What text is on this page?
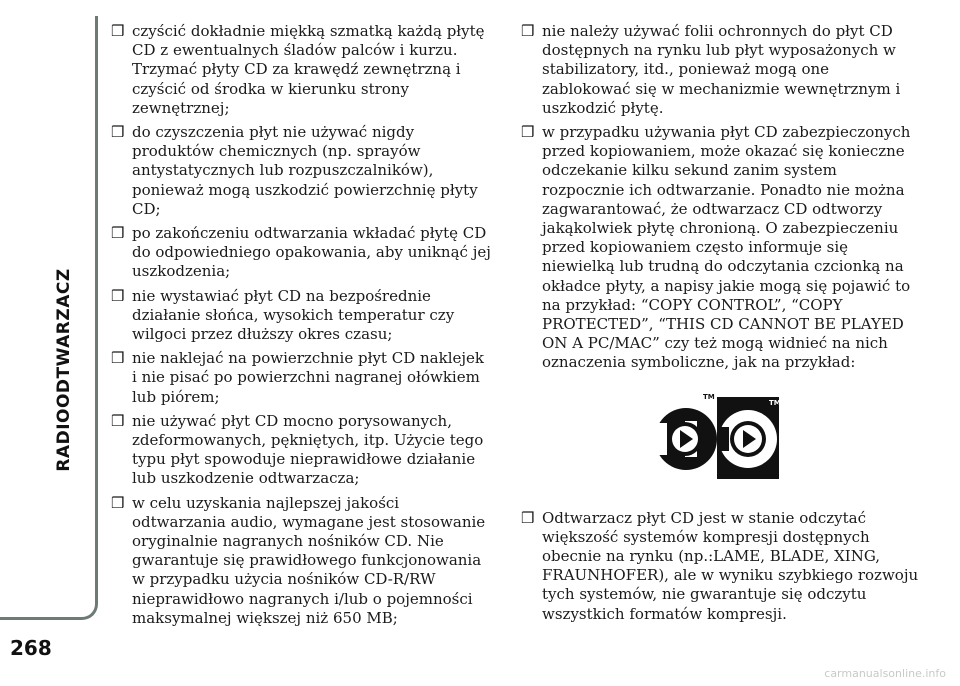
RADIOODTWARZACZ
268
❒ czyścić dokładnie miękką szmatką każdą płytę CD z ewentualnych śladów palców i kurzu. Trzymać płyty CD za krawędź zewnętrzną i czyścić od środka w kierunku strony zewnętrznej;
❒ do czyszczenia płyt nie używać nigdy produktów chemicznych (np. sprayów antystatycznych lub rozpuszczalników), ponieważ mogą uszkodzić powierzchnię płyty CD;
❒ po zakończeniu odtwarzania wkładać płytę CD do odpowiedniego opakowania, aby uniknąć jej uszkodzenia;
❒ nie wystawiać płyt CD na bezpośrednie działanie słońca, wysokich temperatur czy wilgoci przez dłuższy okres czasu;
❒ nie naklejać na powierzchnie płyt CD naklejek i nie pisać po powierzchni nagranej ołówkiem lub piórem;
❒ nie używać płyt CD mocno porysowanych, zdeformowanych, pękniętych, itp. Użycie tego typu płyt spowoduje nieprawidłowe działanie lub uszkodzenie odtwarzacza;
❒ w celu uzyskania najlepszej jakości odtwarzania audio, wymagane jest stosowanie oryginalnie nagranych nośników CD. Nie gwarantuje się prawidłowego funkcjonowania w przypadku użycia nośników CD-R/RW nieprawidłowo nagranych i/lub o pojemności maksymalnej większej niż 650 MB;
❒ nie należy używać folii ochronnych do płyt CD dostępnych na rynku lub płyt wyposażonych w stabilizatory, itd., ponieważ mogą one zablokować się w mechanizmie wewnętrznym i uszkodzić płytę.
❒ w przypadku używania płyt CD zabezpieczonych przed kopiowaniem, może okazać się konieczne odczekanie kilku sekund zanim system rozpocznie ich odtwarzanie. Ponadto nie można zagwarantować, że odtwarzacz CD odtworzy jakąkolwiek płytę chronioną. O zabezpieczeniu przed kopiowaniem często informuje się niewielką lub trudną do odczytania czcionką na okładce płyty, a napisy jakie mogą się pojawić to na przykład: “COPY CONTROL”, “COPY PROTECTED”, “THIS CD CANNOT BE PLAYED ON A PC/MAC” czy też mogą widnieć na nich oznaczenia symboliczne, jak na przykład:
TM
TM
❒ Odtwarzacz płyt CD jest w stanie odczytać większość systemów kompresji dostępnych obecnie na rynku (np.:LAME, BLADE, XING, FRAUNHOFER), ale w wyniku szybkiego rozwoju tych systemów, nie gwarantuje się odczytu wszystkich formatów kompresji.
carmanualsonline.info
